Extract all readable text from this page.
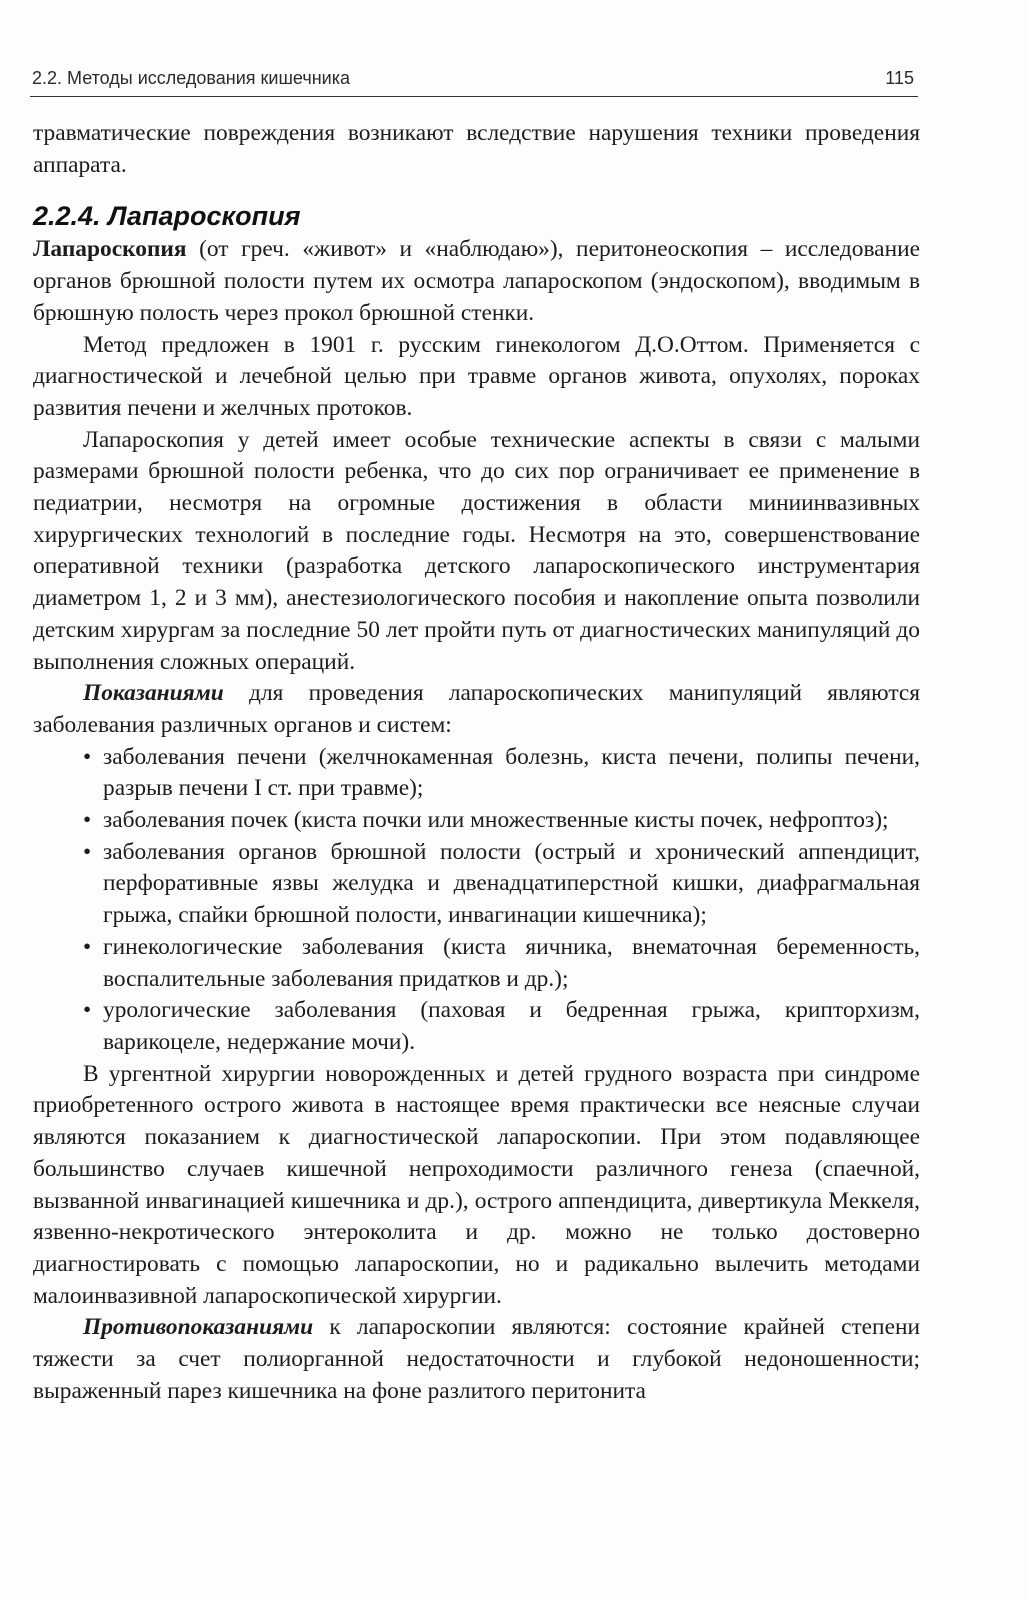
2.2. Методы исследования кишечника	115

травматические повреждения возникают вследствие нарушения техники проведения аппарата.

2.2.4. Лапароскопия

Лапароскопия (от греч. «живот» и «наблюдаю»), перитонеоскопия – исследование органов брюшной полости путем их осмотра лапароскопом (эндоскопом), вводимым в брюшную полость через прокол брюшной стенки.

Метод предложен в 1901 г. русским гинекологом Д.О.Оттом. Применяется с диагностической и лечебной целью при травме органов живота, опухолях, пороках развития печени и желчных протоков.

Лапароскопия у детей имеет особые технические аспекты в связи с малыми размерами брюшной полости ребенка, что до сих пор ограничивает ее применение в педиатрии, несмотря на огромные достижения в области миниинвазивных хирургических технологий в последние годы. Несмотря на это, совершенствование оперативной техники (разработка детского лапароскопического инструментария диаметром 1, 2 и 3 мм), анестезиологического пособия и накопление опыта позволили детским хирургам за последние 50 лет пройти путь от диагностических манипуляций до выполнения сложных операций.

Показаниями для проведения лапароскопических манипуляций являются заболевания различных органов и систем:

• заболевания печени (желчнокаменная болезнь, киста печени, полипы печени, разрыв печени I ст. при травме);
• заболевания почек (киста почки или множественные кисты почек, нефроптоз);
• заболевания органов брюшной полости (острый и хронический аппендицит, перфоративные язвы желудка и двенадцатиперстной кишки, диафрагмальная грыжа, спайки брюшной полости, инвагинации кишечника);
• гинекологические заболевания (киста яичника, внематочная беременность, воспалительные заболевания придатков и др.);
• урологические заболевания (паховая и бедренная грыжа, крипторхизм, варикоцеле, недержание мочи).

В ургентной хирургии новорожденных и детей грудного возраста при синдроме приобретенного острого живота в настоящее время практически все неясные случаи являются показанием к диагностической лапароскопии. При этом подавляющее большинство случаев кишечной непроходимости различного генеза (спаечной, вызванной инвагинацией кишечника и др.), острого аппендицита, дивертикула Меккеля, язвенно-некротического энтероколита и др. можно не только достоверно диагностировать с помощью лапароскопии, но и радикально вылечить методами малоинвазивной лапароскопической хирургии.

Противопоказаниями к лапароскопии являются: состояние крайней степени тяжести за счет полиорганной недостаточности и глубокой недоношенности; выраженный парез кишечника на фоне разлитого перитонита
